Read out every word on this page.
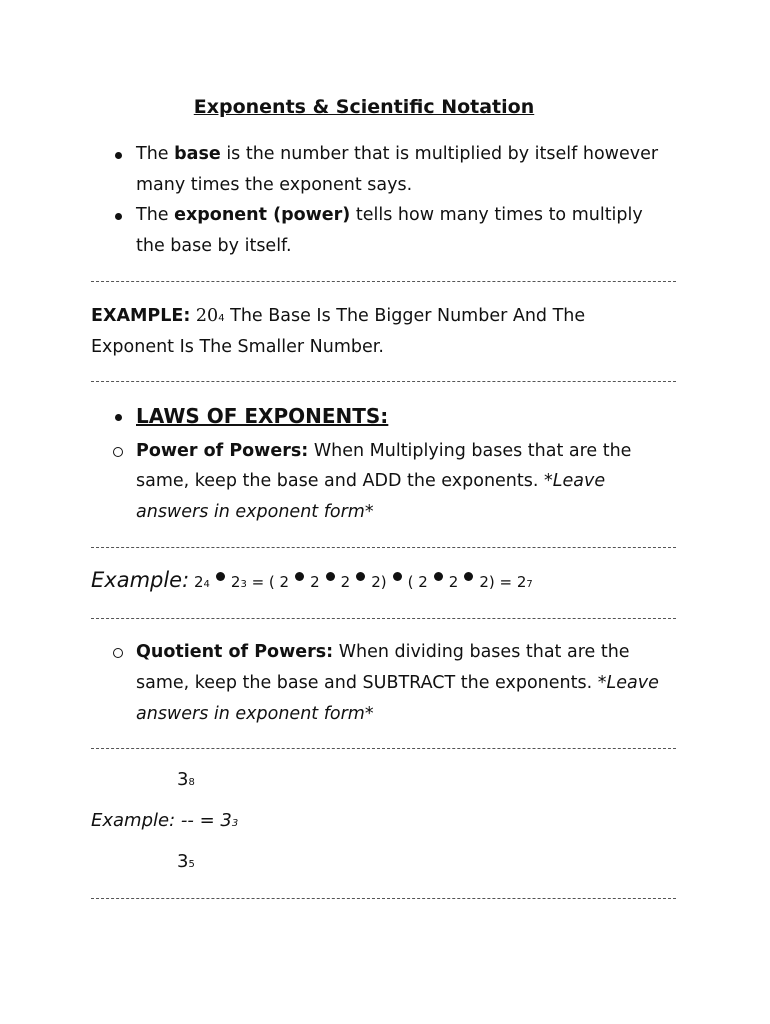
Exponents & Scientific Notation
The base is the number that is multiplied by itself however
many times the exponent says.
The exponent (power) tells how many times to multiply
the base by itself.
EXAMPLE: 204 The Base Is The Bigger Number And The
Exponent Is The Smaller Number.
LAWS OF EXPONENTS:
Power of Powers: When Multiplying bases that are the
same, keep the base and ADD the exponents. *Leave
answers in exponent form*
Example: 24 23 = ( 2 2 2 2) ( 2 2 2) = 27
Quotient of Powers: When dividing bases that are the
same, keep the base and SUBTRACT the exponents. *Leave
answers in exponent form*
38
Example: -- = 33
35
